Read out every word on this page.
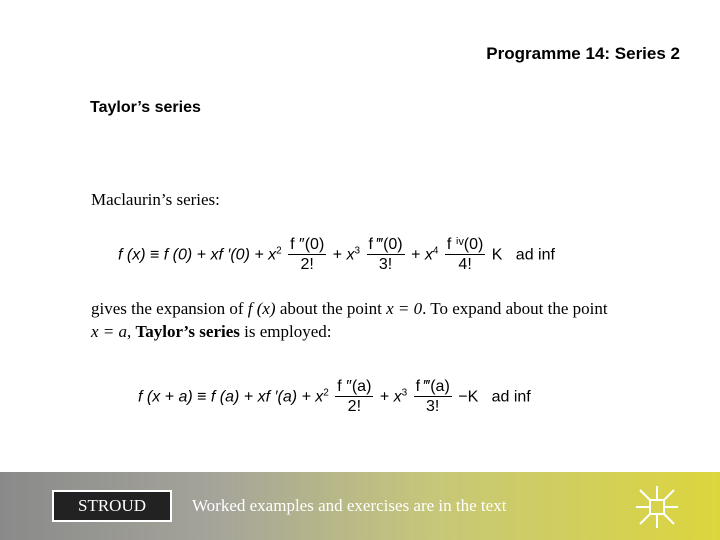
Programme 14: Series 2
Taylor’s series
Maclaurin’s series:
f (x) ≡ f (0) + xf $'(0) + x^2 \frac{f ''(0)}{2!} + x^3 \frac{f ‴(0)}{3!} + x^4 \frac{\text{f ⁱᵛ(0)}}{4!}$ K ad inf
gives the expansion of f (x) about the point x = 0. To expand about the point x = a, Taylor’s series is employed:
f (x + a) ≡ f (a) + xf $'(a) + x^2 \frac{f ''(a)}{2!} + x^3 \frac{f ‴(a)}{3!} -K$ ad inf
STROUD	Worked examples and exercises are in the text
